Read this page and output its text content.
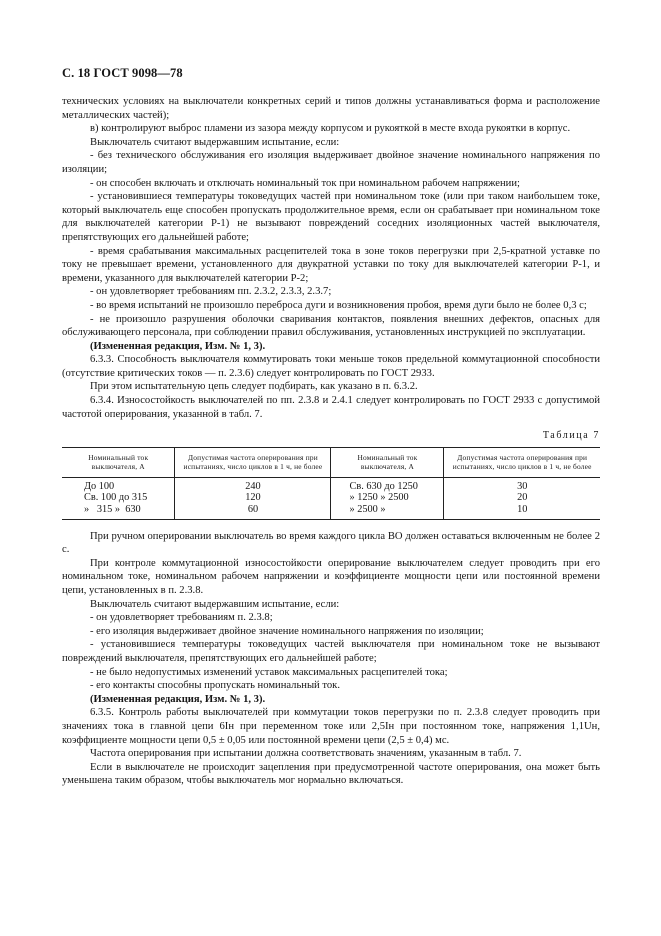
С. 18 ГОСТ 9098—78

технических условиях на выключатели конкретных серий и типов должны устанавливаться форма и расположение металлических частей);

в) контролируют выброс пламени из зазора между корпусом и рукояткой в месте входа рукоятки в корпус.

Выключатель считают выдержавшим испытание, если:

- без технического обслуживания его изоляция выдерживает двойное значение номинального напряжения по изоляции;

- он способен включать и отключать номинальный ток при номинальном рабочем напряжении;

- установившиеся температуры токоведущих частей при номинальном токе (или при таком наибольшем токе, который выключатель еще способен пропускать продолжительное время, если он срабатывает при номинальном токе для выключателей категории Р-1) не вызывают повреждений соседних изоляционных частей выключателя, препятствующих его дальнейшей работе;

- время срабатывания максимальных расцепителей тока в зоне токов перегрузки при 2,5-кратной уставке по току не превышает времени, установленного для двукратной уставки по току для выключателей категории Р-1, и времени, указанного для выключателей категории Р-2;

- он удовлетворяет требованиям пп. 2.3.2, 2.3.3, 2.3.7;

- во время испытаний не произошло переброса дуги и возникновения пробоя, время дуги было не более 0,3 с;

- не произошло разрушения оболочки сваривания контактов, появления внешних дефектов, опасных для обслуживающего персонала, при соблюдении правил обслуживания, установленных инструкцией по эксплуатации.

(Измененная редакция, Изм. № 1, 3).

6.3.3. Способность выключателя коммутировать токи меньше токов предельной коммутационной способности (отсутствие критических токов — п. 2.3.6) следует контролировать по ГОСТ 2933.

При этом испытательную цепь следует подбирать, как указано в п. 6.3.2.

6.3.4. Износостойкость выключателей по пп. 2.3.8 и 2.4.1 следует контролировать по ГОСТ 2933 с допустимой частотой оперирования, указанной в табл. 7.

Таблица 7
Номинальный ток выключателя, А	Допустимая частота оперирования при испытаниях, число циклов в 1 ч, не более	Номинальный ток выключателя, А	Допустимая частота оперирования при испытаниях, число циклов в 1 ч, не более
До 100	240	Св. 630 до 1250	30
Св. 100 до 315	120	» 1250 » 2500	20
»   315 »  630	60	» 2500 »	10

При ручном оперировании выключатель во время каждого цикла ВО должен оставаться включенным не более 2 с.

При контроле коммутационной износостойкости оперирование выключателем следует проводить при его номинальном токе, номинальном рабочем напряжении и коэффициенте мощности цепи или постоянной времени цепи, установленных в п. 2.3.8.

Выключатель считают выдержавшим испытание, если:

- он удовлетворяет требованиям п. 2.3.8;

- его изоляция выдерживает двойное значение номинального напряжения по изоляции;

- установившиеся температуры токоведущих частей выключателя при номинальном токе не вызывают повреждений выключателя, препятствующих его дальнейшей работе;

- не было недопустимых изменений уставок максимальных расцепителей тока;

- его контакты способны пропускать номинальный ток.

(Измененная редакция, Изм. № 1, 3).

6.3.5. Контроль работы выключателей при коммутации токов перегрузки по п. 2.3.8 следует проводить при значениях тока в главной цепи 6Iн при переменном токе или 2,5Iн при постоянном токе, напряжения 1,1Uн, коэффициенте мощности цепи 0,5 ± 0,05 или постоянной времени цепи (2,5 ± 0,4) мс.

Частота оперирования при испытании должна соответствовать значениям, указанным в табл. 7.

Если в выключателе не происходит зацепления при предусмотренной частоте оперирования, она может быть уменьшена таким образом, чтобы выключатель мог нормально включаться.
